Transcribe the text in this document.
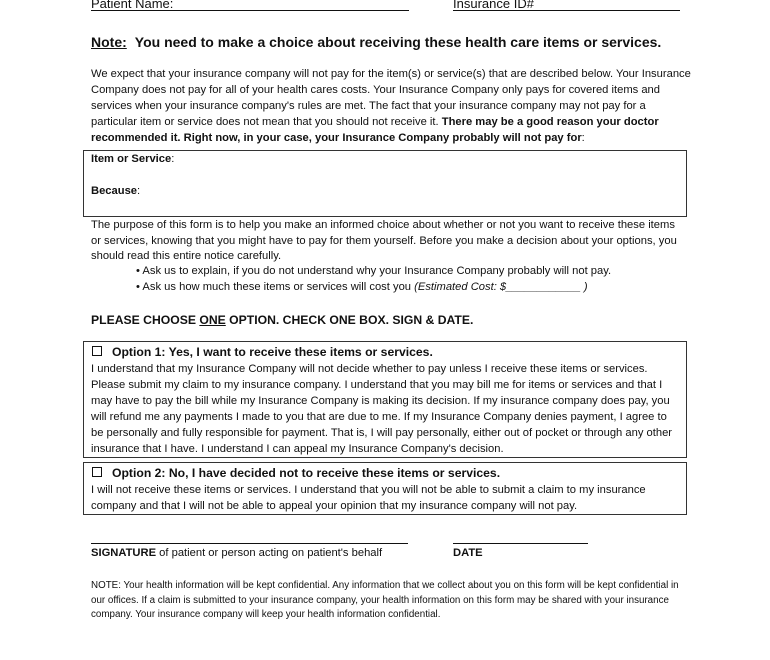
Patient Name:	Insurance ID#
Note: You need to make a choice about receiving these health care items or services.

We expect that your insurance company will not pay for the item(s) or service(s) that are described below. Your Insurance Company does not pay for all of your health cares costs. Your Insurance Company only pays for covered items and services when your insurance company's rules are met. The fact that your insurance company may not pay for a particular item or service does not mean that you should not receive it. There may be a good reason your doctor recommended it. Right now, in your case, your Insurance Company probably will not pay for:

Item or Service:
Because:

The purpose of this form is to help you make an informed choice about whether or not you want to receive these items or services, knowing that you might have to pay for them yourself. Before you make a decision about your options, you should read this entire notice carefully.

• Ask us to explain, if you do not understand why your Insurance Company probably will not pay.
• Ask us how much these items or services will cost you (Estimated Cost: $____________ )
PLEASE CHOOSE ONE OPTION. CHECK ONE BOX. SIGN & DATE.
Option 1: Yes, I want to receive these items or services.

I understand that my Insurance Company will not decide whether to pay unless I receive these items or services. Please submit my claim to my insurance company. I understand that you may bill me for items or services and that I may have to pay the bill while my Insurance Company is making its decision. If my insurance company does pay, you will refund me any payments I made to you that are due to me. If my Insurance Company denies payment, I agree to be personally and fully responsible for payment. That is, I will pay personally, either out of pocket or through any other insurance that I have. I understand I can appeal my Insurance Company's decision.

Option 2: No, I have decided not to receive these items or services.

I will not receive these items or services. I understand that you will not be able to submit a claim to my insurance company and that I will not be able to appeal your opinion that my insurance company will not pay.

SIGNATURE of patient or person acting on patient's behalf	DATE

NOTE: Your health information will be kept confidential. Any information that we collect about you on this form will be kept confidential in our offices. If a claim is submitted to your insurance company, your health information on this form may be shared with your insurance company. Your insurance company will keep your health information confidential.
